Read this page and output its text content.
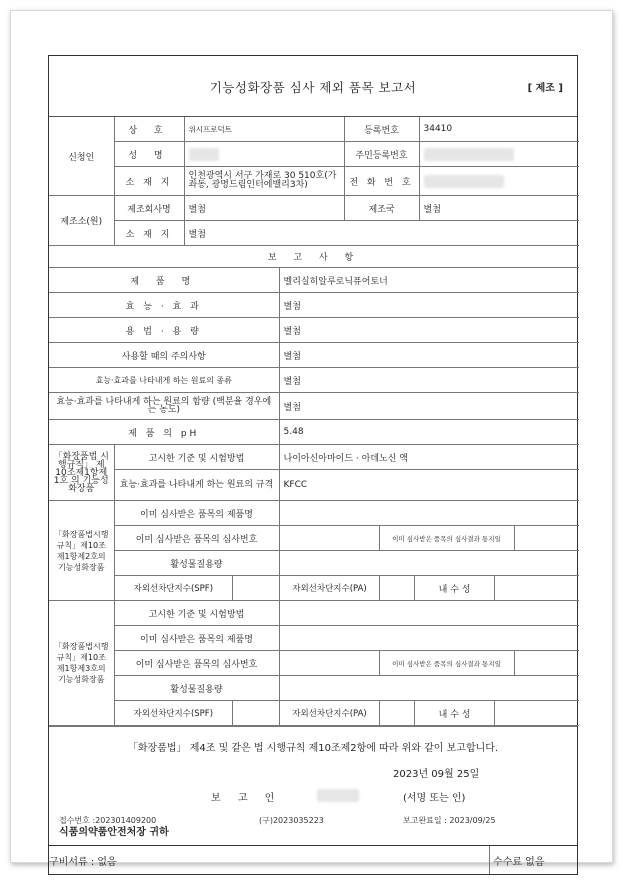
기능성화장품 심사 제외 품목 보고서	[ 제조 ]
신청인	상 호	위시프로덕트	등록번호	34410
	성 명		주민등록번호	
	소 재 지	인천광역시 서구 가재로 30 510호(가좌동, 광명드림인터에밸리3차)	전 화 번 호	
제조소(원)	제조회사명	별첨	제조국	별첨
	소 재 지	별첨		
보 고 사 항
제 품 명	벨리실히알루로닉퓨어토너
효 능 · 효 과	별첨
용 법 · 용 량	별첨
사용할 때의 주의사항	별첨
효능·효과를 나타내게 하는 원료의 종류	별첨
효능·효과를 나타내게 하는 원료의 함량 (백분율 경우에는 농도)	별첨
제 품 의 pH	5.48
「화장품법 시행규칙」 제10조제1항제1호 의 기능성화장품	고시한 기준 및 시험방법	나이아신아마이드 · 아데노신 액
효능·효과를 나타내게 하는 원료의 규격	KFCC
「화장품법시행규칙」제10조제1항제2호의기능성화장품	이미 심사받은 품목의 제품명	
이미 심사받은 품목의 심사번호		이미 심사받은 품목의 심사결과 통지일	
활성물질용량	

자외선차단지수(SPF)		자외선차단지수(PA)		내 수 성	

「화장품법시행규칙」제10조제1항제3호의기능성화장품	고시한 기준 및 시험방법	
이미 심사받은 품목의 제품명	
이미 심사받은 품목의 심사번호		이미 심사받은 품목의 심사결과 통지일	
활성물질용량	

자외선차단지수(SPF)		자외선차단지수(PA)		내 수 성	
「화장품법」 제4조 및 같은 법 시행규칙 제10조제2항에 따라 위와 같이 보고합니다.
2023년 09월 25일
보 고 인	(서명 또는 인)
식품의약품안전처장 귀하
구비서류 : 없음	수수료 없음
접수번호 :202301409200	(구)2023035223	보고완료일 : 2023/09/25
